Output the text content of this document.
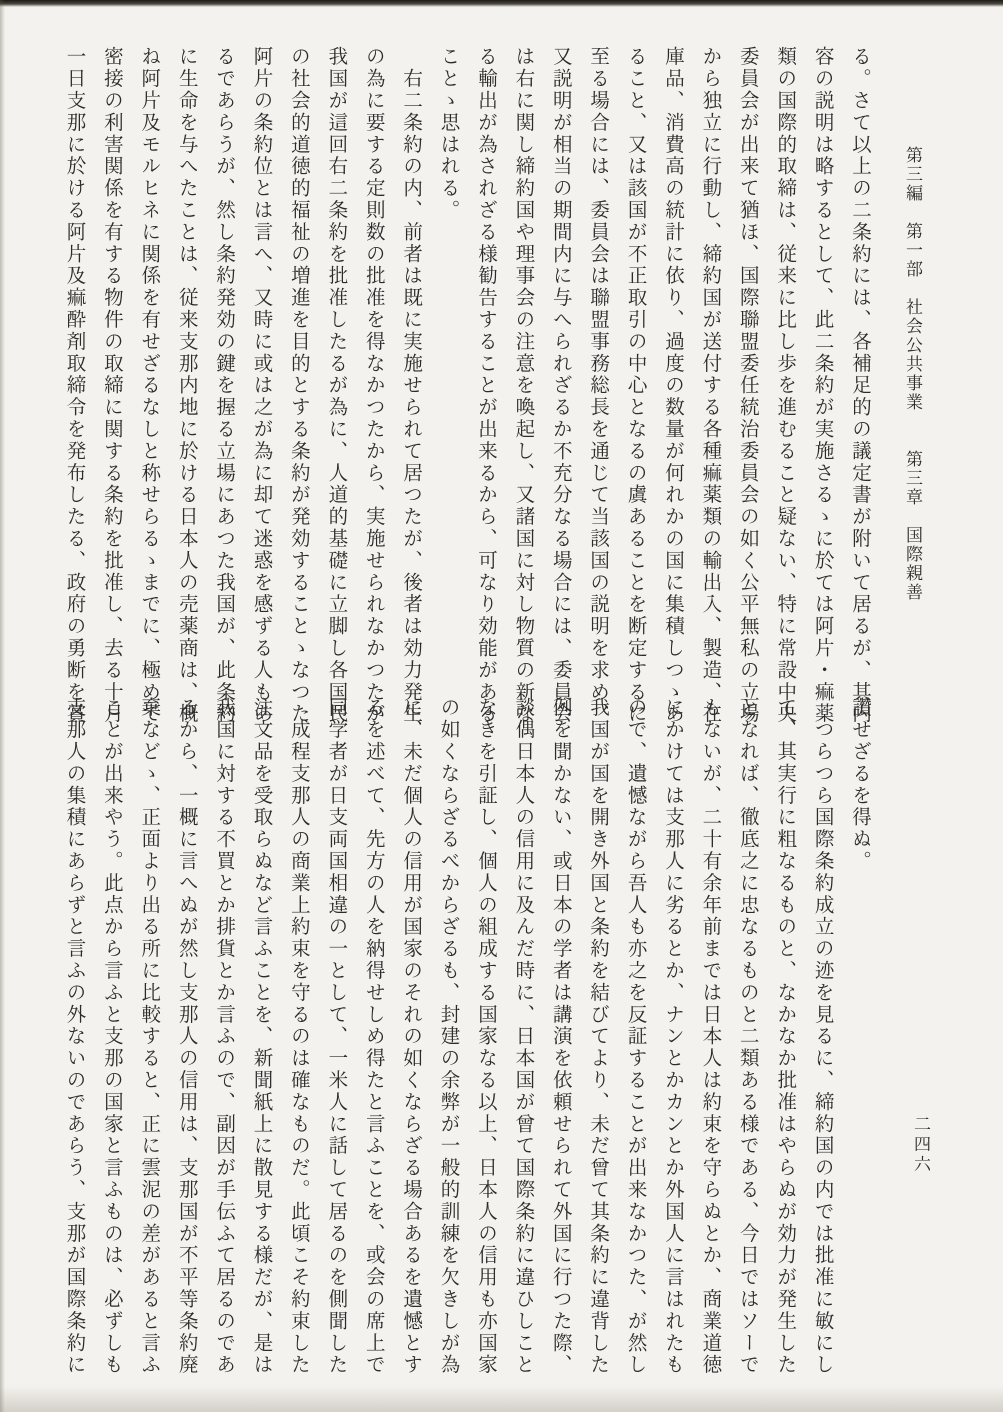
第三編　第一部　社会公共事業　　第三章　国際親善
る。さて以上の二条約には、各補足的の議定書が附いて居るが、其内
容の説明は略するとして、此二条約が実施さるゝに於ては阿片・痲薬
類の国際的取締は、従来に比し歩を進むること疑ない、特に常設中央
委員会が出来て猶ほ、国際聯盟委任統治委員会の如く公平無私の立場
から独立に行動し、締約国が送付する各種痲薬類の輸出入、製造、在
庫品、消費高の統計に依り、過度の数量が何れかの国に集積しつゝあ
ること、又は該国が不正取引の中心となるの虞あることを断定するに
至る場合には、委員会は聯盟事務総長を通じて当該国の説明を求め、
又説明が相当の期間内に与へられざるか不充分なる場合には、委員会
は右に関し締約国や理事会の注意を喚起し、又諸国に対し物質の新な
る輸出が為されざる様勧告することが出来るから、可なり効能がある
ことゝ思はれる。
　右二条約の内、前者は既に実施せられて居つたが、後者は効力発生
の為に要する定則数の批准を得なかつたから、実施せられなかつたが
我国が這回右二条約を批准したるが為に、人道的基礎に立脚し各国民
の社会的道徳的福祉の増進を目的とする条約が発効することゝなつた
阿片の条約位とは言へ、又時に或は之が為に却て迷惑を感ずる人もあ
るであらうが、然し条約発効の鍵を握る立場にあつた我国が、此条約
に生命を与へたことは、従来支那内地に於ける日本人の売薬商は、概
ね阿片及モルヒネに関係を有せざるなしと称せらるゝまでに、極めて
密接の利害関係を有する物件の取締に関する条約を批准し、去る十月
一日支那に於ける阿片及痲酔剤取締令を発布したる、政府の勇断を賞
讚せざるを得ぬ。
　つらつら国際条約成立の迹を見るに、締約国の内では批准に敏にし
て、其実行に粗なるものと、なかなか批准はやらぬが効力が発生した
となれば、徹底之に忠なるものと二類ある様である、今日ではソーで
もないが、二十有余年前までは日本人は約束を守らぬとか、商業道徳
にかけては支那人に劣るとか、ナンとかカンとか外国人に言はれたも
ので、遺憾ながら吾人も亦之を反証することが出来なかつた、が然し
我国が国を開き外国と条約を結びてより、未だ曾て其条約に違背した
例を聞かない、或日本の学者は講演を依頼せられて外国に行つた際、
談偶日本人の信用に及んだ時に、日本国が曾て国際条約に違ひしこと
なきを引証し、個人の組成する国家なる以上、日本人の信用も亦国家
の如くならざるべからざるも、封建の余弊が一般的訓練を欠きしが為
に、未だ個人の信用が国家のそれの如くならざる場合あるを遺憾とす
るを述べて、先方の人を納得せしめ得たと言ふことを、或会の席上で
同学者が日支両国相違の一として、一米人に話して居るのを側聞した
　成程支那人の商業上約束を守るのは確なものだ。此頃こそ約束した
注文品を受取らぬなど言ふことを、新聞紙上に散見する様だが、是は
我国に対する不買とか排貨とか言ふので、副因が手伝ふて居るのであ
るから、一概に言へぬが然し支那人の信用は、支那国が不平等条約廃
棄などゝ、正面より出る所に比較すると、正に雲泥の差があると言ふ
ことが出来やう。此点から言ふと支那の国家と言ふものは、必ずしも
支那人の集積にあらずと言ふの外ないのであらう、支那が国際条約に	二四六
